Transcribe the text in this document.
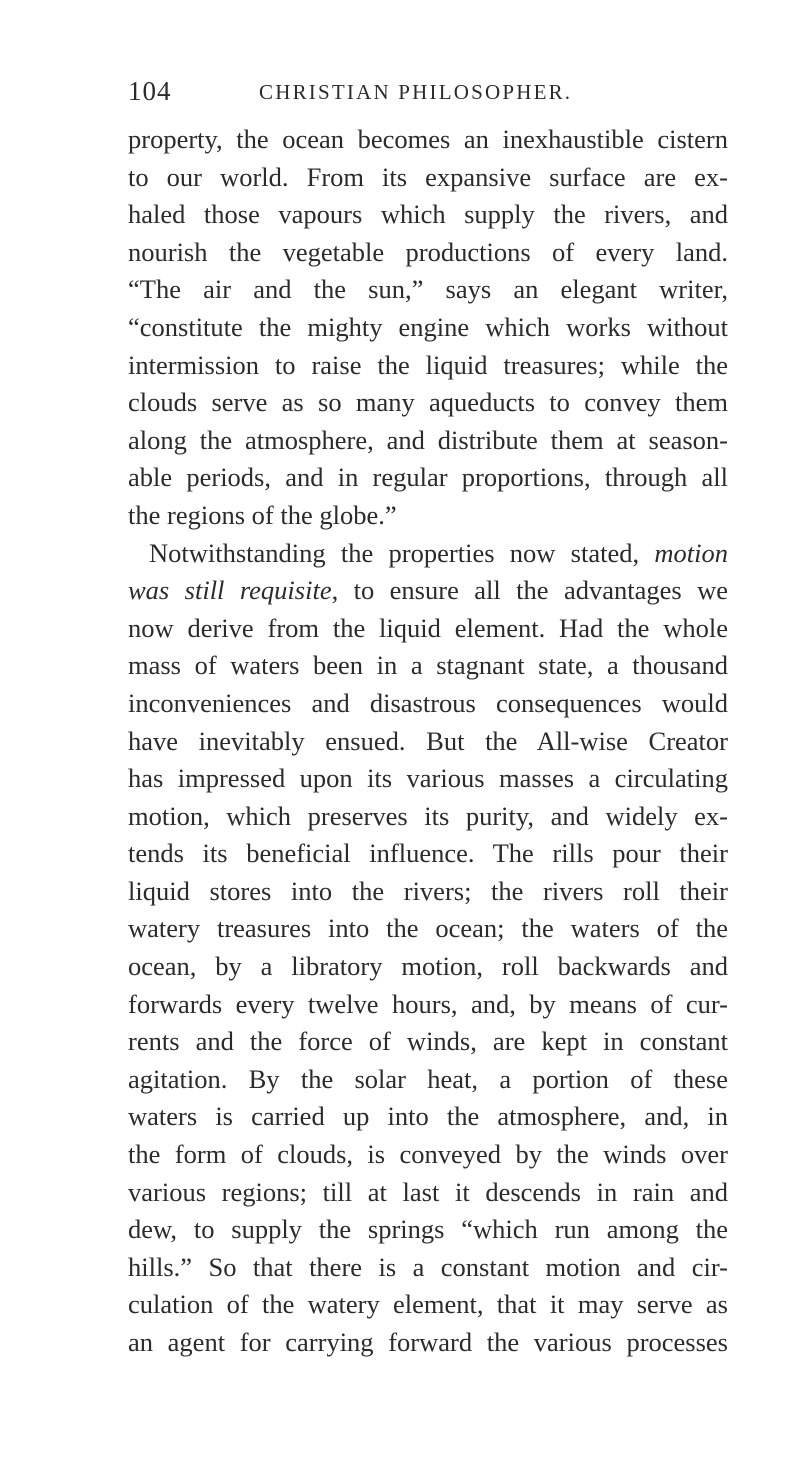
104	CHRISTIAN PHILOSOPHER.
property, the ocean becomes an inexhaustible cistern
to our world. From its expansive surface are ex-
haled those vapours which supply the rivers, and
nourish the vegetable productions of every land.
“The air and the sun,” says an elegant writer,
“constitute the mighty engine which works without
intermission to raise the liquid treasures; while the
clouds serve as so many aqueducts to convey them
along the atmosphere, and distribute them at season-
able periods, and in regular proportions, through all
the regions of the globe.”
Notwithstanding the properties now stated, motion
was still requisite, to ensure all the advantages we
now derive from the liquid element. Had the whole
mass of waters been in a stagnant state, a thousand
inconveniences and disastrous consequences would
have inevitably ensued. But the All-wise Creator
has impressed upon its various masses a circulating
motion, which preserves its purity, and widely ex-
tends its beneficial influence. The rills pour their
liquid stores into the rivers; the rivers roll their
watery treasures into the ocean; the waters of the
ocean, by a libratory motion, roll backwards and
forwards every twelve hours, and, by means of cur-
rents and the force of winds, are kept in constant
agitation. By the solar heat, a portion of these
waters is carried up into the atmosphere, and, in
the form of clouds, is conveyed by the winds over
various regions; till at last it descends in rain and
dew, to supply the springs “which run among the
hills.” So that there is a constant motion and cir-
culation of the watery element, that it may serve as
an agent for carrying forward the various processes
